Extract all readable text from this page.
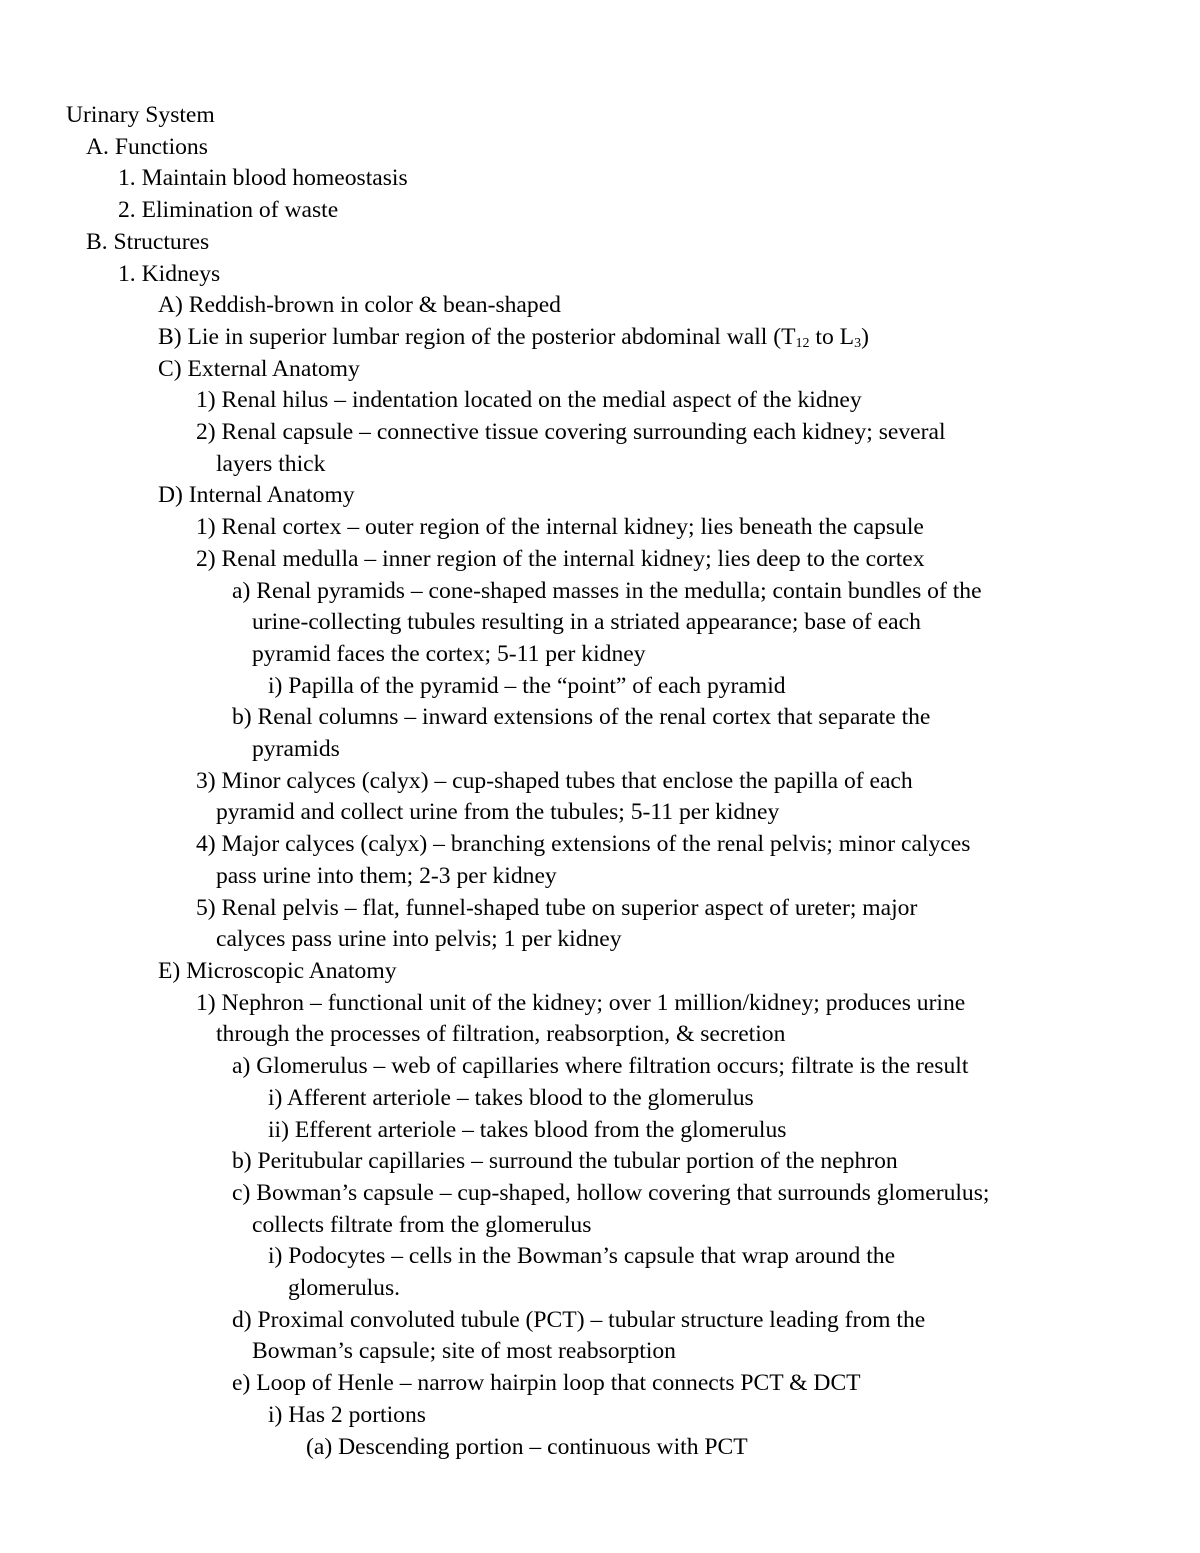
Urinary System
A. Functions
1. Maintain blood homeostasis
2. Elimination of waste
B. Structures
1. Kidneys
A) Reddish-brown in color & bean-shaped
B) Lie in superior lumbar region of the posterior abdominal wall ($T_{12}$ to $L_3$)
C) External Anatomy
1) Renal hilus – indentation located on the medial aspect of the kidney
2) Renal capsule – connective tissue covering surrounding each kidney; several
layers thick
D) Internal Anatomy
1) Renal cortex – outer region of the internal kidney; lies beneath the capsule
2) Renal medulla – inner region of the internal kidney; lies deep to the cortex
a) Renal pyramids – cone-shaped masses in the medulla; contain bundles of the
urine-collecting tubules resulting in a striated appearance; base of each
pyramid faces the cortex; 5-11 per kidney
i) Papilla of the pyramid – the “point” of each pyramid
b) Renal columns – inward extensions of the renal cortex that separate the
pyramids
3) Minor calyces (calyx) – cup-shaped tubes that enclose the papilla of each
pyramid and collect urine from the tubules; 5-11 per kidney
4) Major calyces (calyx) – branching extensions of the renal pelvis; minor calyces
pass urine into them; 2-3 per kidney
5) Renal pelvis – flat, funnel-shaped tube on superior aspect of ureter; major
calyces pass urine into pelvis; 1 per kidney
E) Microscopic Anatomy
1) Nephron – functional unit of the kidney; over 1 million/kidney; produces urine
through the processes of filtration, reabsorption, & secretion
a) Glomerulus – web of capillaries where filtration occurs; filtrate is the result
i) Afferent arteriole – takes blood to the glomerulus
ii) Efferent arteriole – takes blood from the glomerulus
b) Peritubular capillaries – surround the tubular portion of the nephron
c) Bowman’s capsule – cup-shaped, hollow covering that surrounds glomerulus;
collects filtrate from the glomerulus
i) Podocytes – cells in the Bowman’s capsule that wrap around the
glomerulus.
d) Proximal convoluted tubule (PCT) – tubular structure leading from the
Bowman’s capsule; site of most reabsorption
e) Loop of Henle – narrow hairpin loop that connects PCT & DCT
i) Has 2 portions
(a) Descending portion – continuous with PCT
